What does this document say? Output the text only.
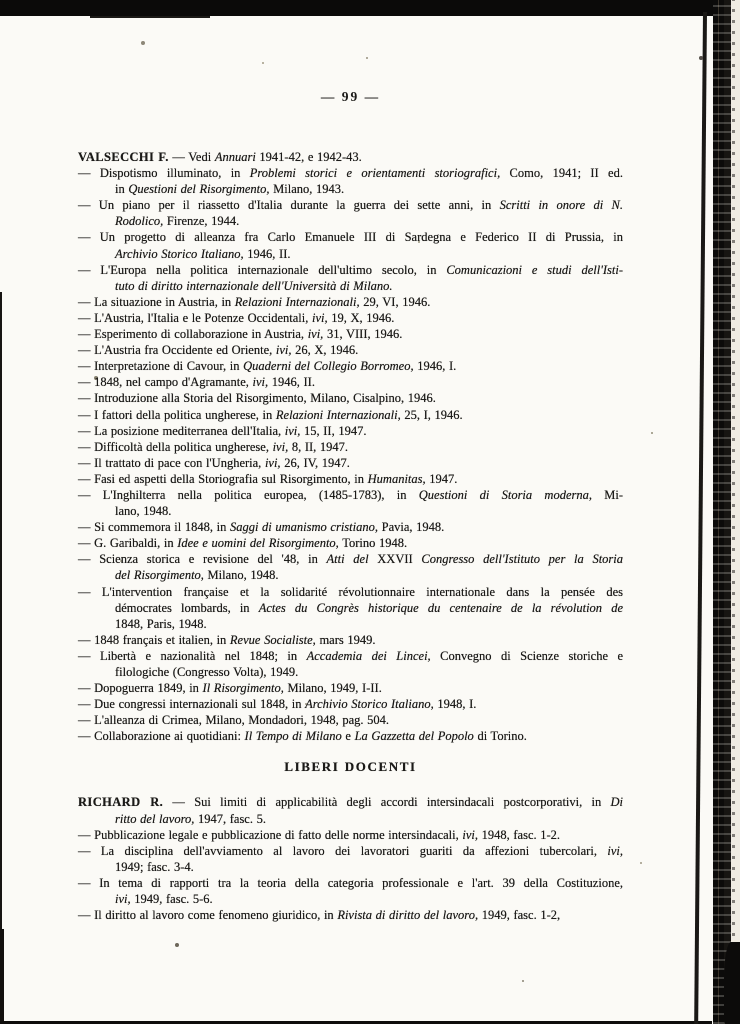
— 99 —
VALSECCHI F. — Vedi Annuari 1941-42, e 1942-43.
— Dispotismo illuminato, in Problemi storici e orientamenti storiografici, Como, 1941; II ed.
in Questioni del Risorgimento, Milano, 1943.
— Un piano per il riassetto d'Italia durante la guerra dei sette anni, in Scritti in onore di N.
Rodolico, Firenze, 1944.
— Un progetto di alleanza fra Carlo Emanuele III di Sardegna e Federico II di Prussia, in
Archivio Storico Italiano, 1946, II.
— L'Europa nella politica internazionale dell'ultimo secolo, in Comunicazioni e studi dell'Isti-
tuto di diritto internazionale dell'Università di Milano.
— La situazione in Austria, in Relazioni Internazionali, 29, VI, 1946.
— L'Austria, l'Italia e le Potenze Occidentali, ivi, 19, X, 1946.
— Esperimento di collaborazione in Austria, ivi, 31, VIII, 1946.
— L'Austria fra Occidente ed Oriente, ivi, 26, X, 1946.
— Interpretazione di Cavour, in Quaderni del Collegio Borromeo, 1946, I.
— 1848, nel campo d'Agramante, ivi, 1946, II.
— Introduzione alla Storia del Risorgimento, Milano, Cisalpino, 1946.
— I fattori della politica ungherese, in Relazioni Internazionali, 25, I, 1946.
— La posizione mediterranea dell'Italia, ivi, 15, II, 1947.
— Difficoltà della politica ungherese, ivi, 8, II, 1947.
— Il trattato di pace con l'Ungheria, ivi, 26, IV, 1947.
— Fasi ed aspetti della Storiografia sul Risorgimento, in Humanitas, 1947.
— L'Inghilterra nella politica europea, (1485-1783), in Questioni di Storia moderna, Mi-
lano, 1948.
— Si commemora il 1848, in Saggi di umanismo cristiano, Pavia, 1948.
— G. Garibaldi, in Idee e uomini del Risorgimento, Torino 1948.
— Scienza storica e revisione del '48, in Atti del XXVII Congresso dell'Istituto per la Storia
del Risorgimento, Milano, 1948.
— L'intervention française et la solidarité révolutionnaire internationale dans la pensée des
démocrates lombards, in Actes du Congrès historique du centenaire de la révolution de
1848, Paris, 1948.
— 1848 français et italien, in Revue Socialiste, mars 1949.
— Libertà e nazionalità nel 1848; in Accademia dei Lincei, Convegno di Scienze storiche e
filologiche (Congresso Volta), 1949.
— Dopoguerra 1849, in Il Risorgimento, Milano, 1949, I-II.
— Due congressi internazionali sul 1848, in Archivio Storico Italiano, 1948, I.
— L'alleanza di Crimea, Milano, Mondadori, 1948, pag. 504.
— Collaborazione ai quotidiani: Il Tempo di Milano e La Gazzetta del Popolo di Torino.
LIBERI DOCENTI
RICHARD R. — Sui limiti di applicabilità degli accordi intersindacali postcorporativi, in Di
ritto del lavoro, 1947, fasc. 5.
— Pubblicazione legale e pubblicazione di fatto delle norme intersindacali, ivi, 1948, fasc. 1-2.
— La disciplina dell'avviamento al lavoro dei lavoratori guariti da affezioni tubercolari, ivi,
1949; fasc. 3-4.
— In tema di rapporti tra la teoria della categoria professionale e l'art. 39 della Costituzione,
ivi, 1949, fasc. 5-6.
— Il diritto al lavoro come fenomeno giuridico, in Rivista di diritto del lavoro, 1949, fasc. 1-2,
